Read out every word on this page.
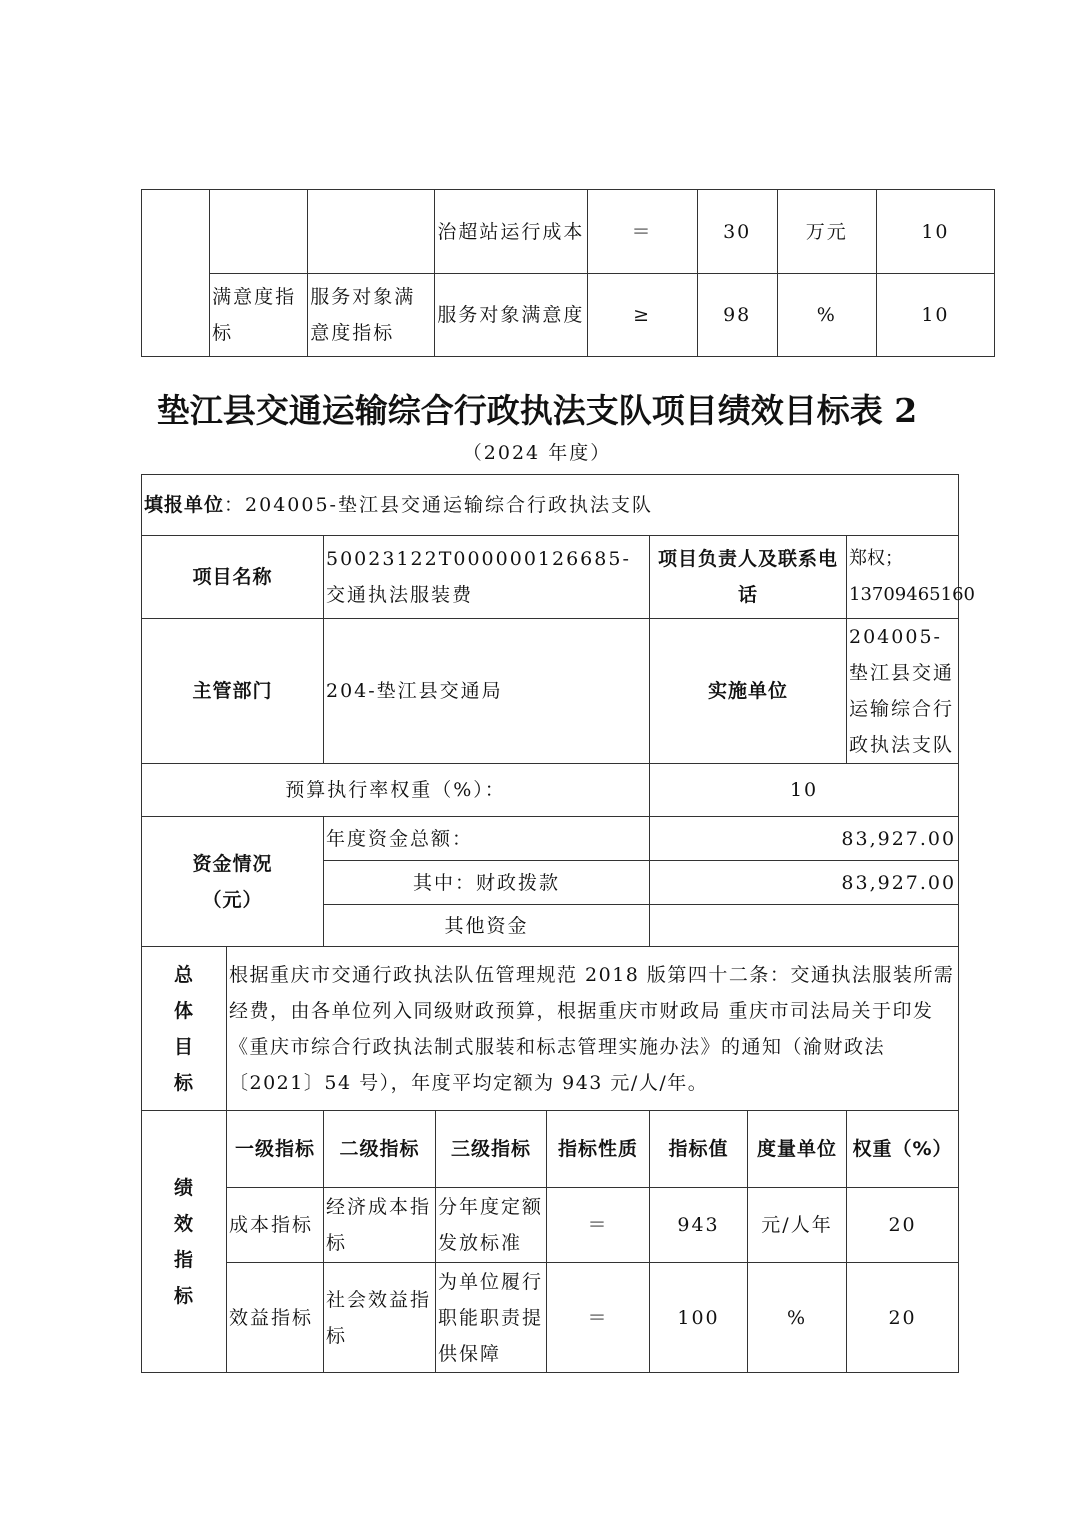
			治超站运行成本	＝	30	万元	10
	满意度指标	服务对象满意度指标	服务对象满意度	≥	98	%	10
垫江县交通运输综合行政执法支队项目绩效目标表 2
（2024 年度）
填报单位：204005-垫江县交通运输综合行政执法支队							
项目名称		50023122T000000126685-交通执法服装费			项目负责人及联系电话		郑权；13709465160
主管部门		204-垫江县交通局			实施单位		204005-垫江县交通运输综合行政执法支队
预算执行率权重（%）：					10		
资金情况（元）		年度资金总额：			83,927.00		
		其中：财政拨款			83,927.00		
		其他资金					

总
体
目
标	根据重庆市交通行政执法队伍管理规范 2018 版第四十二条：交通执法服装所需经费，由各单位列入同级财政预算，根据重庆市财政局 重庆市司法局关于印发《重庆市综合行政执法制式服装和标志管理实施办法》的通知（渝财政法〔2021〕54 号），年度平均定额为 943 元/人/年。						

绩
效
指
标	一级指标	二级指标	三级指标	指标性质	指标值	度量单位	权重（%）
	成本指标	经济成本指标	分年度定额发放标准	＝	943	元/人年	20
	效益指标	社会效益指标	为单位履行职能职责提供保障	＝	100	%	20
